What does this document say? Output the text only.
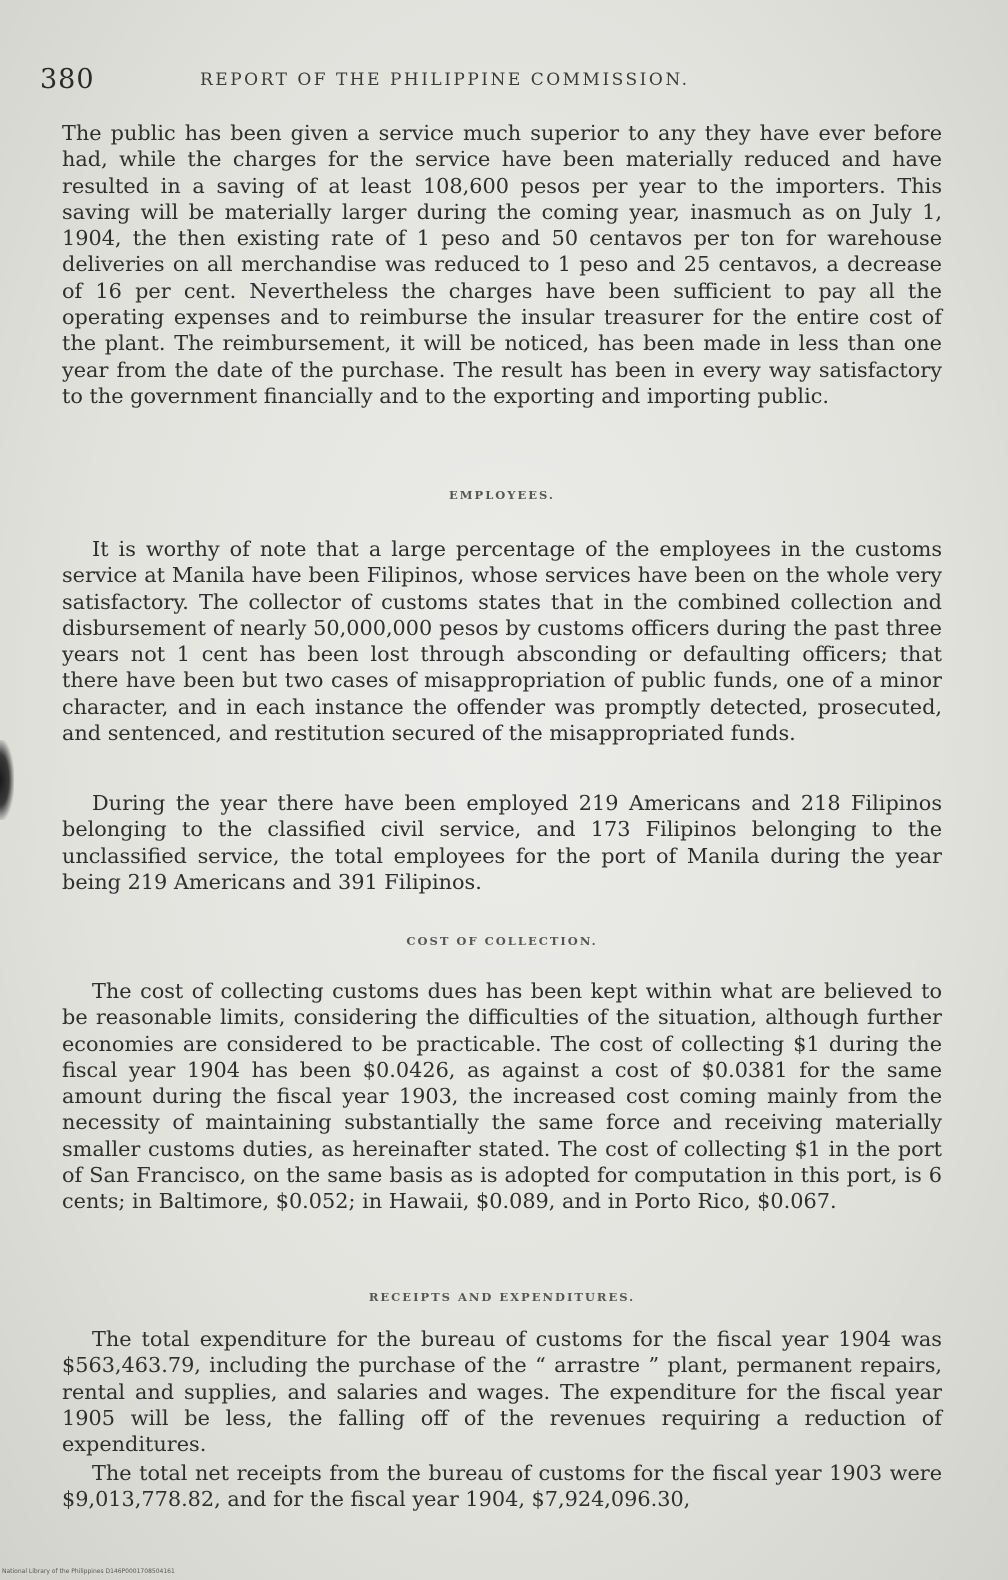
380	REPORT OF THE PHILIPPINE COMMISSION.

The public has been given a service much superior to any they have ever before had, while the charges for the service have been materially reduced and have resulted in a saving of at least 108,600 pesos per year to the importers. This saving will be materially larger during the coming year, inasmuch as on July 1, 1904, the then existing rate of 1 peso and 50 centavos per ton for warehouse deliveries on all merchandise was reduced to 1 peso and 25 centavos, a decrease of 16 per cent. Nevertheless the charges have been sufficient to pay all the operating expenses and to reimburse the insular treasurer for the entire cost of the plant. The reimbursement, it will be noticed, has been made in less than one year from the date of the purchase. The result has been in every way satisfactory to the government financially and to the exporting and importing public.

EMPLOYEES.

It is worthy of note that a large percentage of the employees in the customs service at Manila have been Filipinos, whose services have been on the whole very satisfactory. The collector of customs states that in the combined collection and disbursement of nearly 50,000,000 pesos by customs officers during the past three years not 1 cent has been lost through absconding or defaulting officers; that there have been but two cases of misappropriation of public funds, one of a minor character, and in each instance the offender was promptly detected, prosecuted, and sentenced, and restitution secured of the misappropriated funds.

During the year there have been employed 219 Americans and 218 Filipinos belonging to the classified civil service, and 173 Filipinos belonging to the unclassified service, the total employees for the port of Manila during the year being 219 Americans and 391 Filipinos.

COST OF COLLECTION.

The cost of collecting customs dues has been kept within what are believed to be reasonable limits, considering the difficulties of the situation, although further economies are considered to be practicable. The cost of collecting $1 during the fiscal year 1904 has been $0.0426, as against a cost of $0.0381 for the same amount during the fiscal year 1903, the increased cost coming mainly from the necessity of maintaining substantially the same force and receiving materially smaller customs duties, as hereinafter stated. The cost of collecting $1 in the port of San Francisco, on the same basis as is adopted for computation in this port, is 6 cents; in Baltimore, $0.052; in Hawaii, $0.089, and in Porto Rico, $0.067.

RECEIPTS AND EXPENDITURES.

The total expenditure for the bureau of customs for the fiscal year 1904 was $563,463.79, including the purchase of the “ arrastre ” plant, permanent repairs, rental and supplies, and salaries and wages. The expenditure for the fiscal year 1905 will be less, the falling off of the revenues requiring a reduction of expenditures.

The total net receipts from the bureau of customs for the fiscal year 1903 were $9,013,778.82, and for the fiscal year 1904, $7,924,096.30,

National Library of the Philippines D146P0001708504161
